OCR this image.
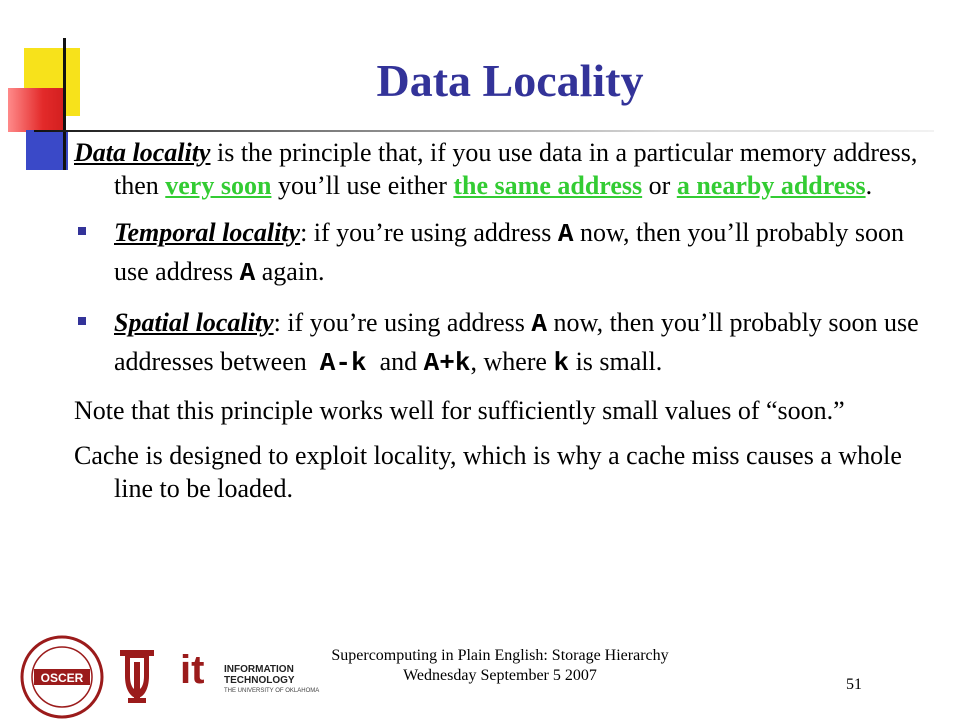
Data Locality

Data locality is the principle that, if you use data in a particular memory address, then very soon you’ll use either the same address or a nearby address.

Temporal locality: if you’re using address A now, then you’ll probably soon use address A again.

Spatial locality: if you’re using address A now, then you’ll probably soon use addresses between  A-k  and A+k, where k is small.

Note that this principle works well for sufficiently small values of “soon.”

Cache is designed to exploit locality, which is why a cache miss causes a whole line to be loaded.

OSCER it INFORMATION
TECHNOLOGY
THE UNIVERSITY OF OKLAHOMA
Supercomputing in Plain English: Storage Hierarchy
Wednesday September 5 2007
51
